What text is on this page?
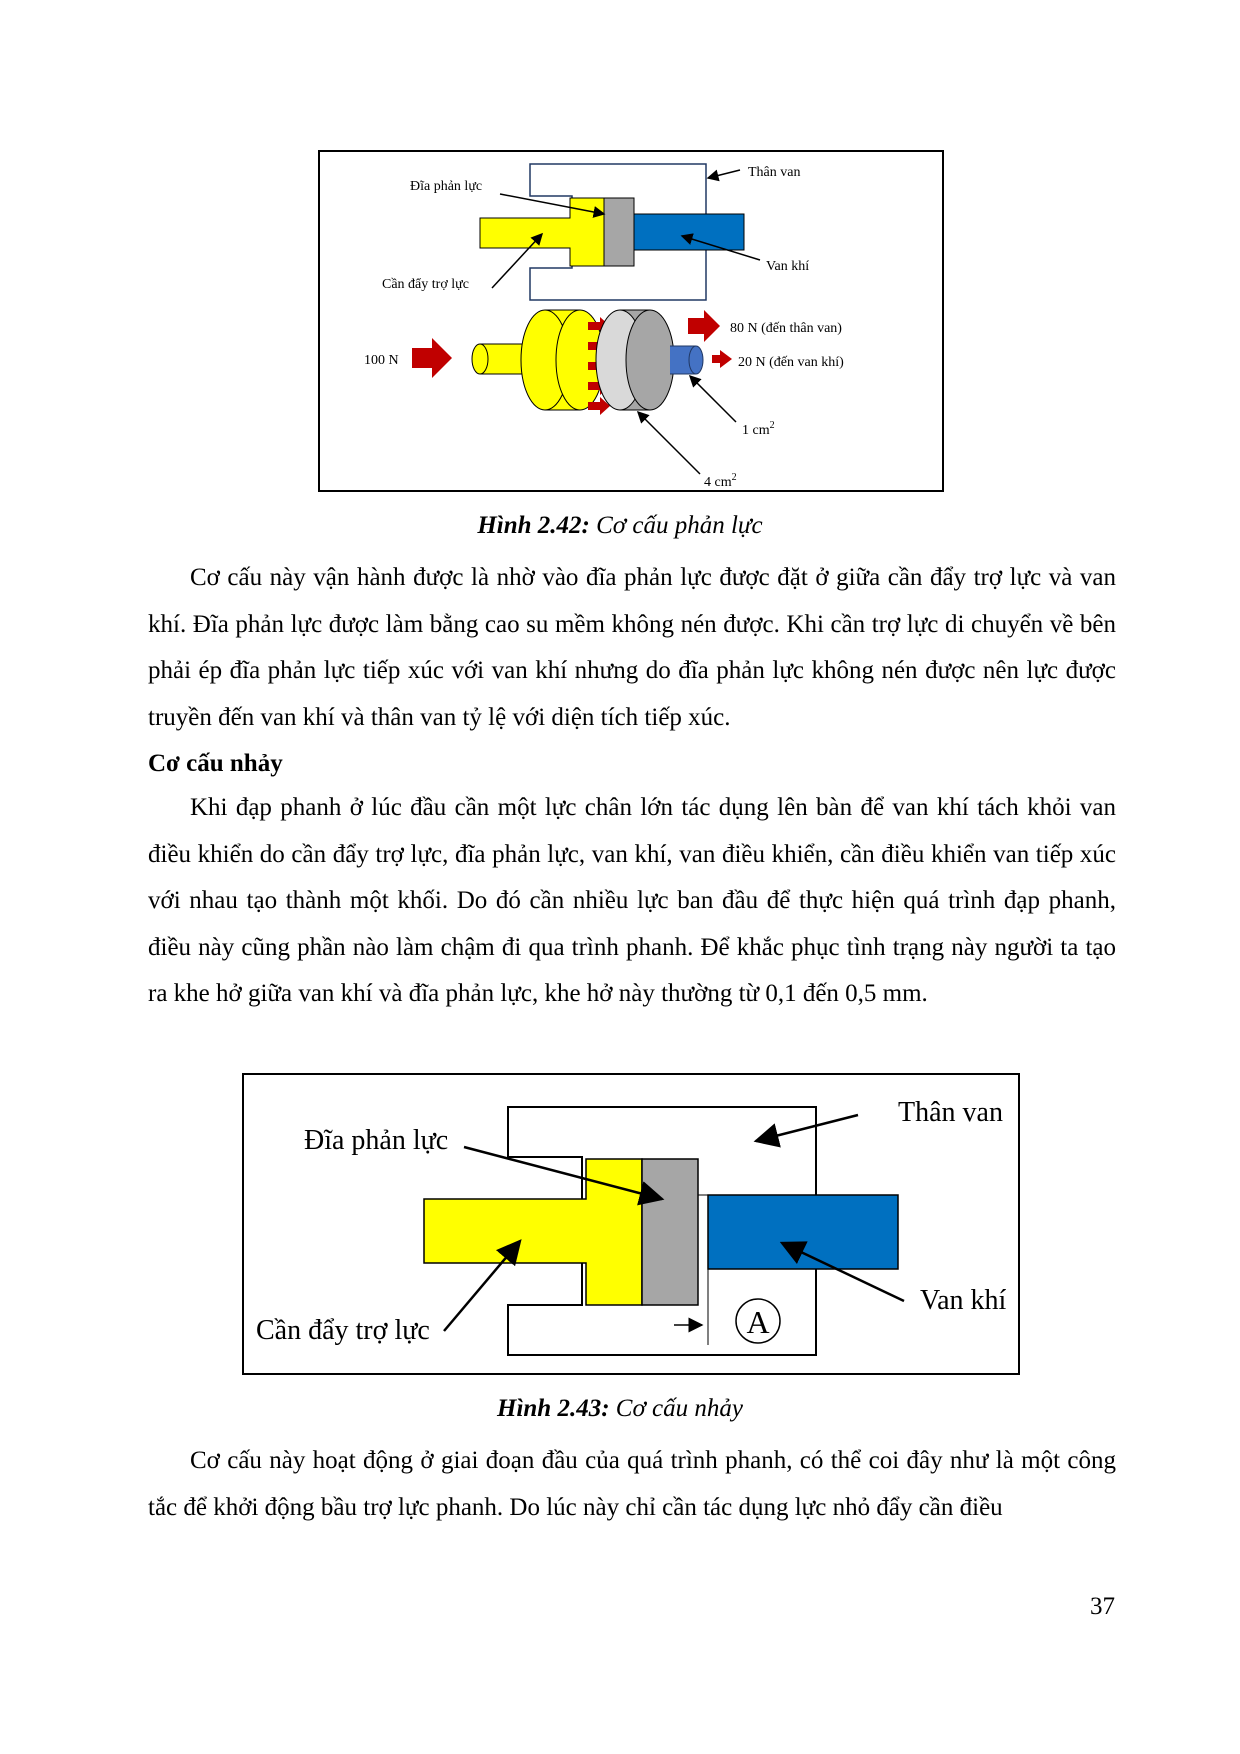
Thân van
Đĩa phản lực
Van khí
Cần đẩy trợ lực
100 N
80 N (đến thân van)
20 N (đến van khí)
1 $cm^2$
4 $cm^2$
Hình 2.42: Cơ cấu phản lực

Cơ cấu này vận hành được là nhờ vào đĩa phản lực được đặt ở giữa cần đẩy trợ lực và van khí. Đĩa phản lực được làm bằng cao su mềm không nén được. Khi cần trợ lực di chuyển về bên phải ép đĩa phản lực tiếp xúc với van khí nhưng do đĩa phản lực không nén được nên lực được truyền đến van khí và thân van tỷ lệ với diện tích tiếp xúc.

Cơ cấu nhảy

Khi đạp phanh ở lúc đầu cần một lực chân lớn tác dụng lên bàn để van khí tách khỏi van điều khiển do cần đẩy trợ lực, đĩa phản lực, van khí, van điều khiển, cần điều khiển van tiếp xúc với nhau tạo thành một khối. Do đó cần nhiều lực ban đầu để thực hiện quá trình đạp phanh, điều này cũng phần nào làm chậm đi qua trình phanh. Để khắc phục tình trạng này người ta tạo ra khe hở giữa van khí và đĩa phản lực, khe hở này thường từ 0,1 đến 0,5 mm.

A
Thân van
Đĩa phản lực
Van khí
Cần đẩy trợ lực
Hình 2.43: Cơ cấu nhảy

Cơ cấu này hoạt động ở giai đoạn đầu của quá trình phanh, có thể coi đây như là một công tắc để khởi động bầu trợ lực phanh. Do lúc này chỉ cần tác dụng lực nhỏ đẩy cần điều

37
